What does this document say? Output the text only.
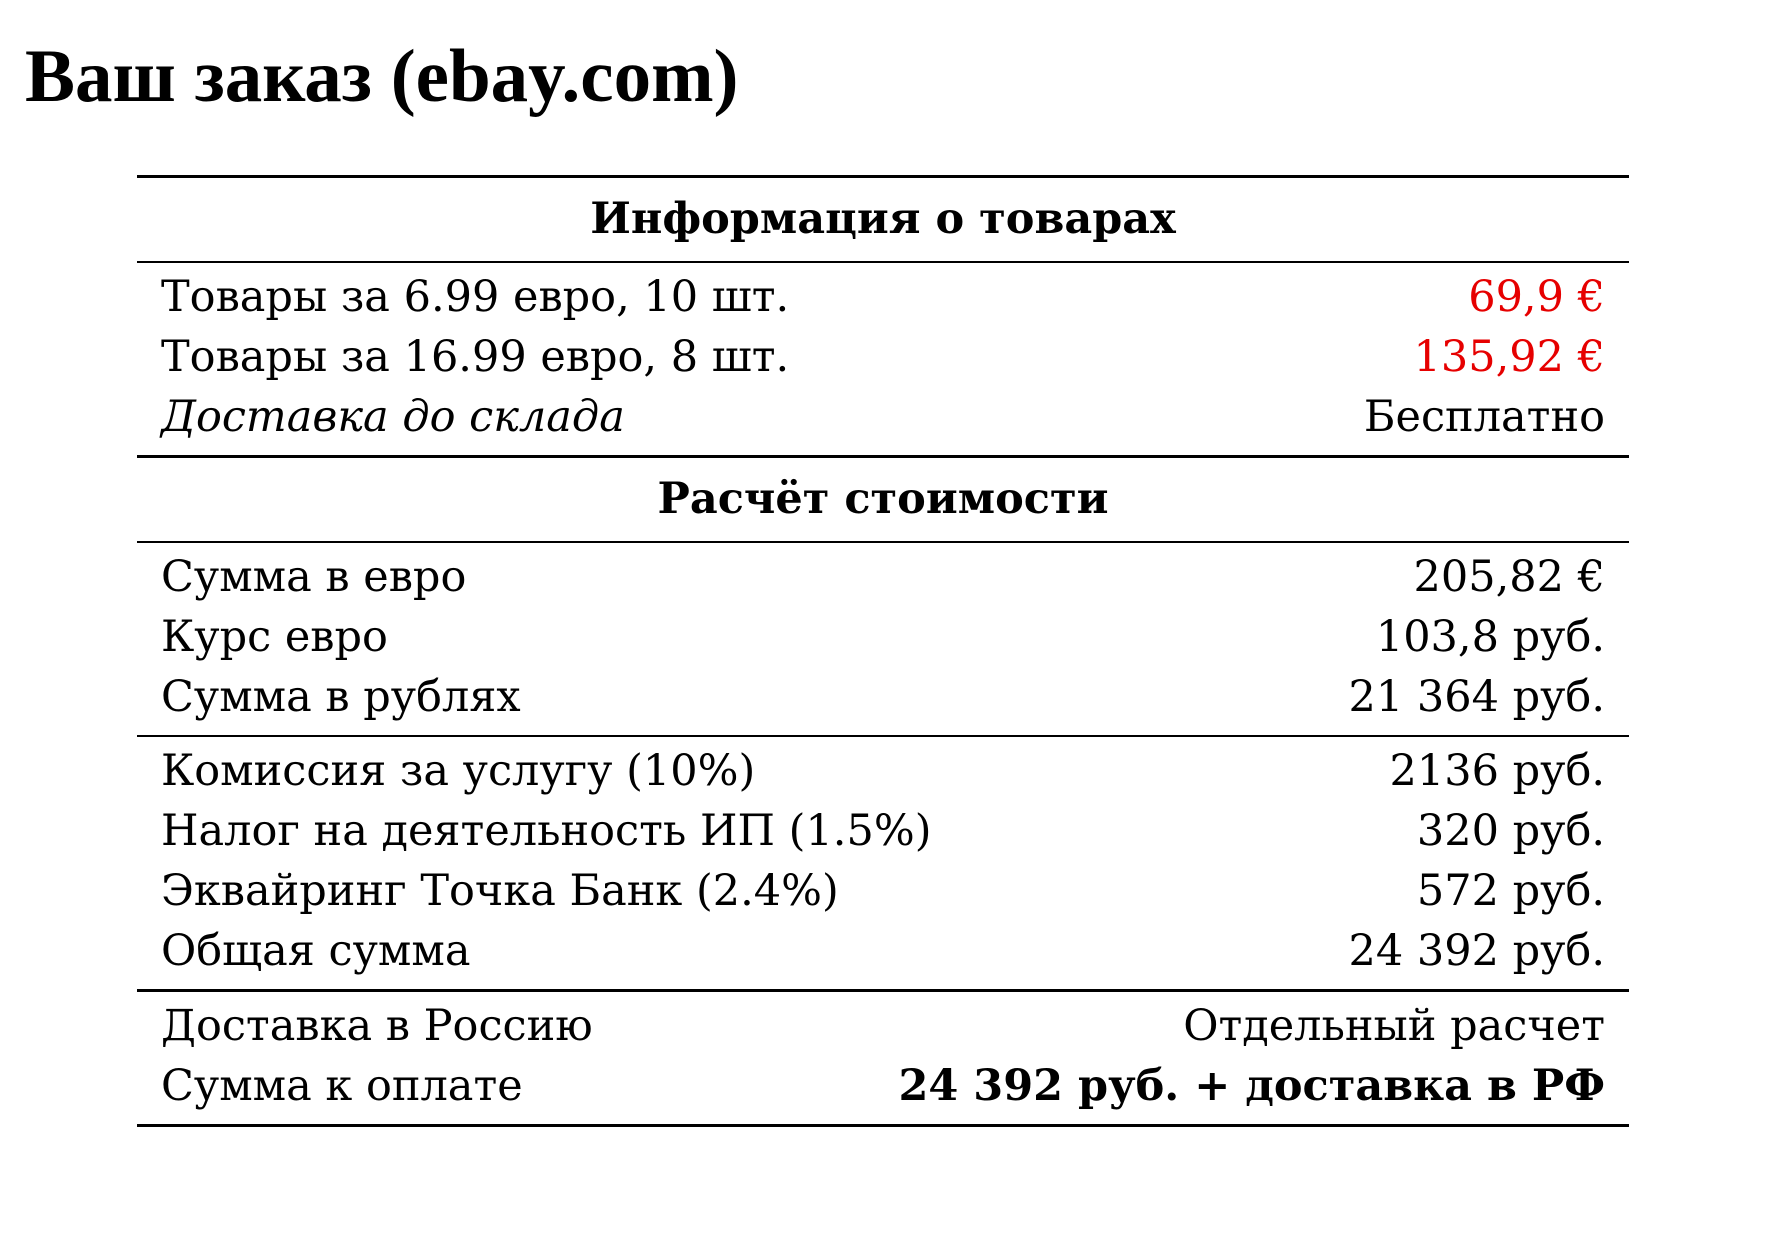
Ваш заказ (ebay.com)
Информация о товарах
Товары за 6.99 евро, 10 шт.	69,9 €
Товары за 16.99 евро, 8 шт.	135,92 €
Доставка до склада	Бесплатно
Расчёт стоимости
Сумма в евро	205,82 €
Курс евро	103,8 руб.
Сумма в рублях	21 364 руб.
Комиссия за услугу (10%)	2136 руб.
Налог на деятельность ИП (1.5%)	320 руб.
Эквайринг Точка Банк (2.4%)	572 руб.
Общая сумма	24 392 руб.
Доставка в Россию	Отдельный расчет
Сумма к оплате	24 392 руб. + доставка в РФ
